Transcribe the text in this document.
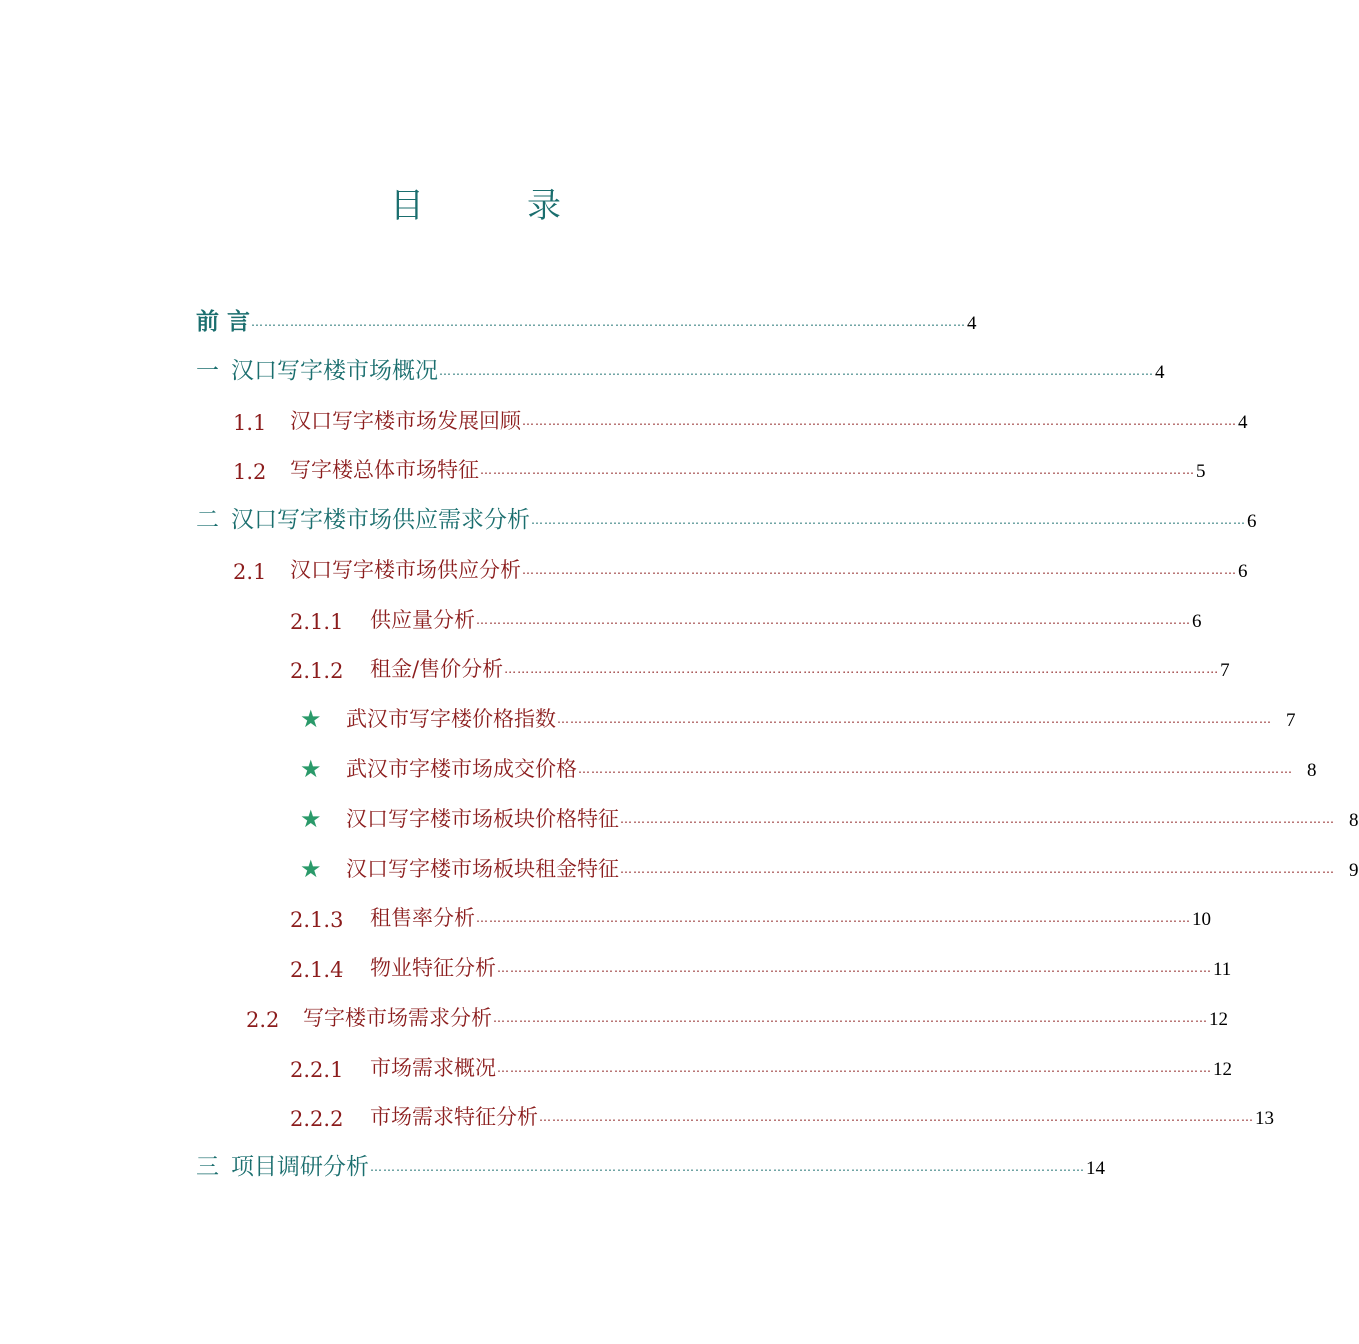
目	录
前 言 ………………………………………………………………………………………………………………………………………………… 4
一 汉口写字楼市场概况 ………………………………………………………………………………………………………………………………………………… 4
1.1	汉口写字楼市场发展回顾 ………………………………………………………………………………………………………………………………………………… 4
1.2	写字楼总体市场特征 ………………………………………………………………………………………………………………………………………………… 5
二 汉口写字楼市场供应需求分析 ………………………………………………………………………………………………………………………………………………… 6
2.1	汉口写字楼市场供应分析 ………………………………………………………………………………………………………………………………………………… 6
2.1.1	供应量分析 ………………………………………………………………………………………………………………………………………………… 6
2.1.2	租金/售价分析 ………………………………………………………………………………………………………………………………………………… 7
★	武汉市写字楼价格指数 ………………………………………………………………………………………………………………………………………………… 7
★	武汉市字楼市场成交价格 ………………………………………………………………………………………………………………………………………………… 8
★	汉口写字楼市场板块价格特征 ………………………………………………………………………………………………………………………………………………… 8
★	汉口写字楼市场板块租金特征 ………………………………………………………………………………………………………………………………………………… 9
2.1.3	租售率分析 ………………………………………………………………………………………………………………………………………………… 10
2.1.4	物业特征分析 ………………………………………………………………………………………………………………………………………………… 11
2.2	写字楼市场需求分析 ………………………………………………………………………………………………………………………………………………… 12
2.2.1	市场需求概况 ………………………………………………………………………………………………………………………………………………… 12
2.2.2	市场需求特征分析 ………………………………………………………………………………………………………………………………………………… 13
三 项目调研分析 ………………………………………………………………………………………………………………………………………………… 14
